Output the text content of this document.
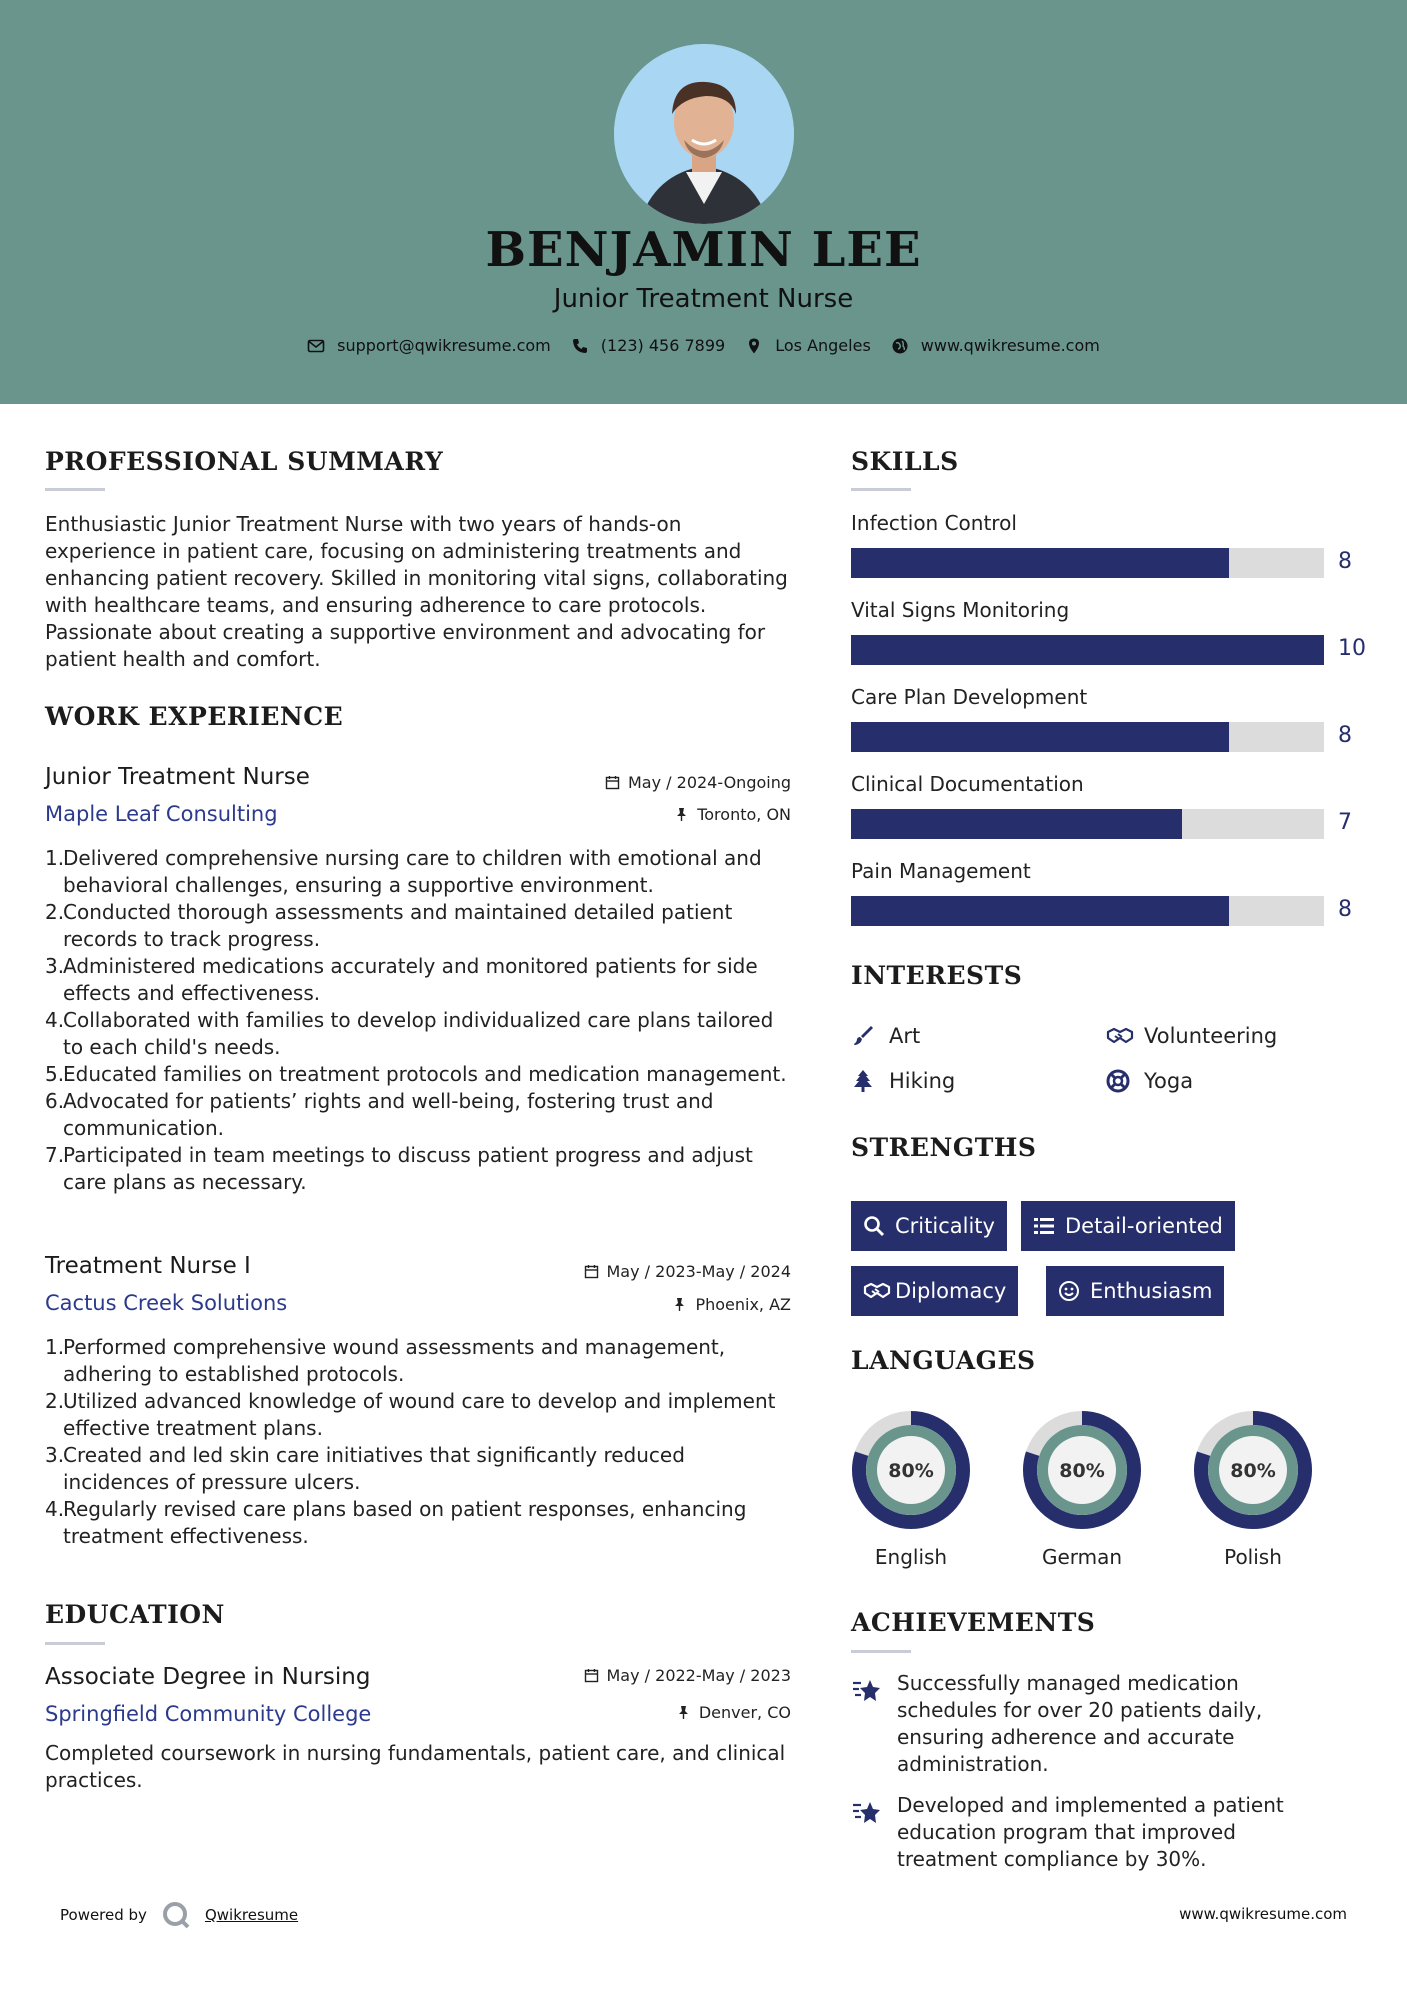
BENJAMIN LEE
Junior Treatment Nurse
support@qwikresume.com	(123) 456 7899	Los Angeles	www.qwikresume.com
PROFESSIONAL SUMMARY
Enthusiastic Junior Treatment Nurse with two years of hands-on experience in patient care, focusing on administering treatments and enhancing patient recovery. Skilled in monitoring vital signs, collaborating with healthcare teams, and ensuring adherence to care protocols. Passionate about creating a supportive environment and advocating for patient health and comfort.
WORK EXPERIENCE
Junior Treatment Nurse
Maple Leaf Consulting
May / 2024-Ongoing
Toronto, ON
1.
Delivered comprehensive nursing care to children with emotional and behavioral challenges, ensuring a supportive environment.
2.
Conducted thorough assessments and maintained detailed patient records to track progress.
3.
Administered medications accurately and monitored patients for side effects and effectiveness.
4.
Collaborated with families to develop individualized care plans tailored to each child's needs.
5.
Educated families on treatment protocols and medication management.
6.
Advocated for patients’ rights and well-being, fostering trust and communication.
7.
Participated in team meetings to discuss patient progress and adjust care plans as necessary.
Treatment Nurse I
Cactus Creek Solutions
May / 2023-May / 2024
Phoenix, AZ
1.
Performed comprehensive wound assessments and management, adhering to established protocols.
2.
Utilized advanced knowledge of wound care to develop and implement effective treatment plans.
3.
Created and led skin care initiatives that significantly reduced incidences of pressure ulcers.
4.
Regularly revised care plans based on patient responses, enhancing treatment effectiveness.
EDUCATION
Associate Degree in Nursing
Springfield Community College
May / 2022-May / 2023
Denver, CO
Completed coursework in nursing fundamentals, patient care, and clinical practices.
SKILLS
Infection Control
8
Vital Signs Monitoring
10
Care Plan Development
8
Clinical Documentation
7
Pain Management
8
INTERESTS
Art	Volunteering
Hiking	Yoga
STRENGTHS
Criticality	Detail-oriented
Diplomacy	Enthusiasm
LANGUAGES
80%
English
80%
German
80%
Polish
ACHIEVEMENTS
Successfully managed medication schedules for over 20 patients daily, ensuring adherence and accurate administration.
Developed and implemented a patient education program that improved treatment compliance by 30%.
Powered by	Qwikresume	www.qwikresume.com
